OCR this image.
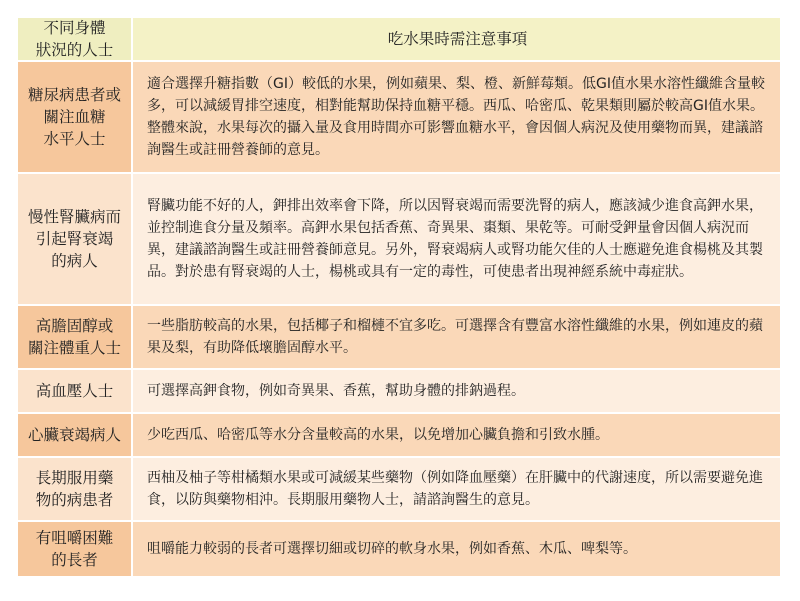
不同身體
狀況的人士
吃水果時需注意事項
糖尿病患者或
關注血糖
水平人士
適合選擇升糖指數（GI）較低的水果，例如蘋果、梨、橙、新鮮莓類。低GI值水果水溶性纖維含量較多，可以減緩胃排空速度，相對能幫助保持血糖平穩。西瓜、哈密瓜、乾果類則屬於較高GI值水果。整體來說，水果每次的攝入量及食用時間亦可影響血糖水平，會因個人病況及使用藥物而異，建議諮詢醫生或註冊營養師的意見。
慢性腎臟病而
引起腎衰竭
的病人
腎臟功能不好的人，鉀排出效率會下降，所以因腎衰竭而需要洗腎的病人，應該減少進食高鉀水果，並控制進食分量及頻率。高鉀水果包括香蕉、奇異果、棗類、果乾等。可耐受鉀量會因個人病況而異，建議諮詢醫生或註冊營養師意見。另外，腎衰竭病人或腎功能欠佳的人士應避免進食楊桃及其製品。對於患有腎衰竭的人士，楊桃或具有一定的毒性，可使患者出現神經系統中毒症狀。
高膽固醇或
關注體重人士
一些脂肪較高的水果，包括椰子和榴槤不宜多吃。可選擇含有豐富水溶性纖維的水果，例如連皮的蘋果及梨，有助降低壞膽固醇水平。
高血壓人士	可選擇高鉀食物，例如奇異果、香蕉，幫助身體的排鈉過程。
心臟衰竭病人	少吃西瓜、哈密瓜等水分含量較高的水果，以免增加心臟負擔和引致水腫。
長期服用藥
物的病患者
西柚及柚子等柑橘類水果或可減緩某些藥物（例如降血壓藥）在肝臟中的代謝速度，所以需要避免進食，以防與藥物相沖。長期服用藥物人士，請諮詢醫生的意見。
有咀嚼困難
的長者
咀嚼能力較弱的長者可選擇切細或切碎的軟身水果，例如香蕉、木瓜、啤梨等。
